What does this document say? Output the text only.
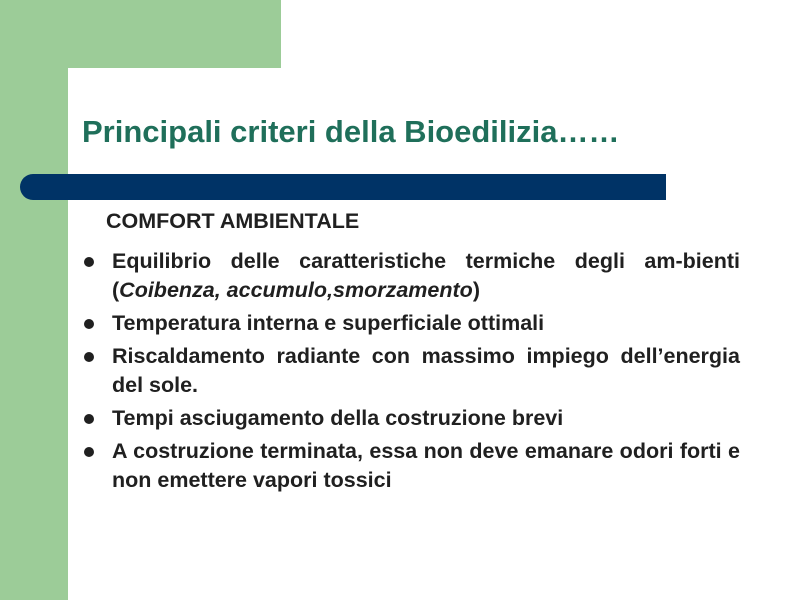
Principali criteri della Bioedilizia……
COMFORT AMBIENTALE
Equilibrio delle caratteristiche termiche degli am-bienti (Coibenza, accumulo,smorzamento)
Temperatura interna e superficiale ottimali
Riscaldamento radiante con massimo impiego dell’energia del sole.
Tempi asciugamento della costruzione brevi
A costruzione terminata, essa non deve emanare odori forti e non emettere vapori tossici
